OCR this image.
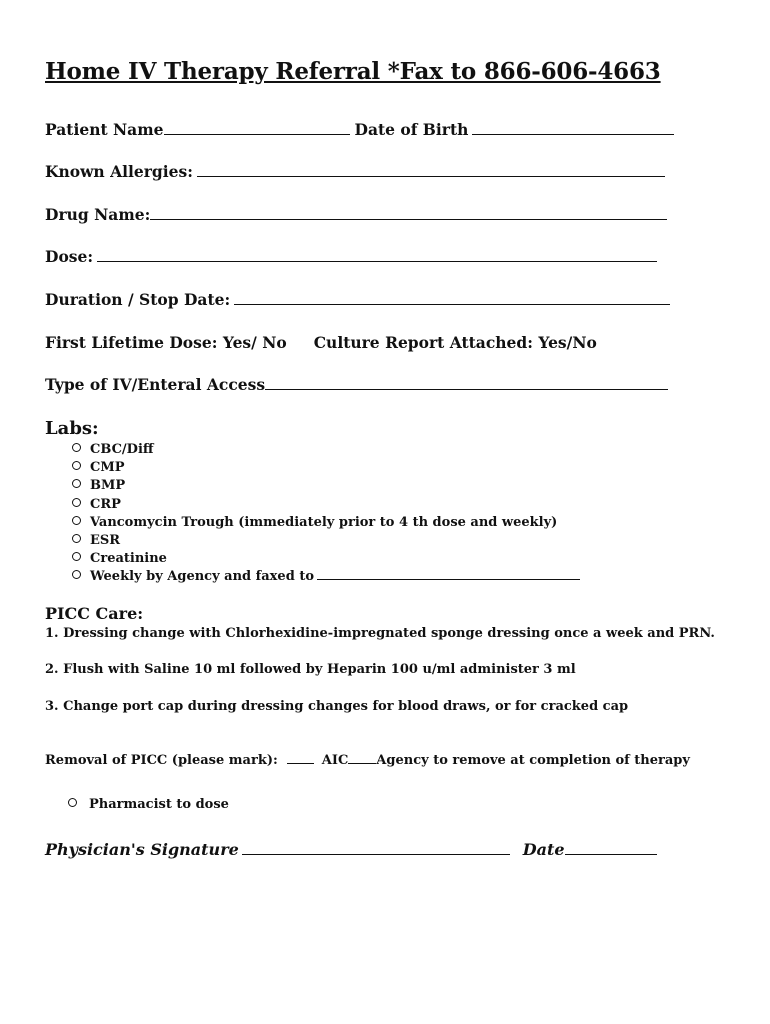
Home IV Therapy Referral *Fax to 866-606-4663
Patient Name	Date of Birth
Known Allergies:
Drug Name:
Dose:
Duration / Stop Date:
First Lifetime Dose: Yes/ No Culture Report Attached: Yes/No
Type of IV/Enteral Access
Labs:
CBC/Diff
CMP
BMP
CRP
Vancomycin Trough (immediately prior to 4 th dose and weekly)
ESR
Creatinine
Weekly by Agency and faxed to
PICC Care:
1. Dressing change with Chlorhexidine-impregnated sponge dressing once a week and PRN.
2. Flush with Saline 10 ml followed by Heparin 100 u/ml administer 3 ml
3. Change port cap during dressing changes for blood draws, or for cracked cap
Removal of PICC (please mark):	AIC Agency to remove at completion of therapy
Pharmacist to dose
Physician's Signature	Date
